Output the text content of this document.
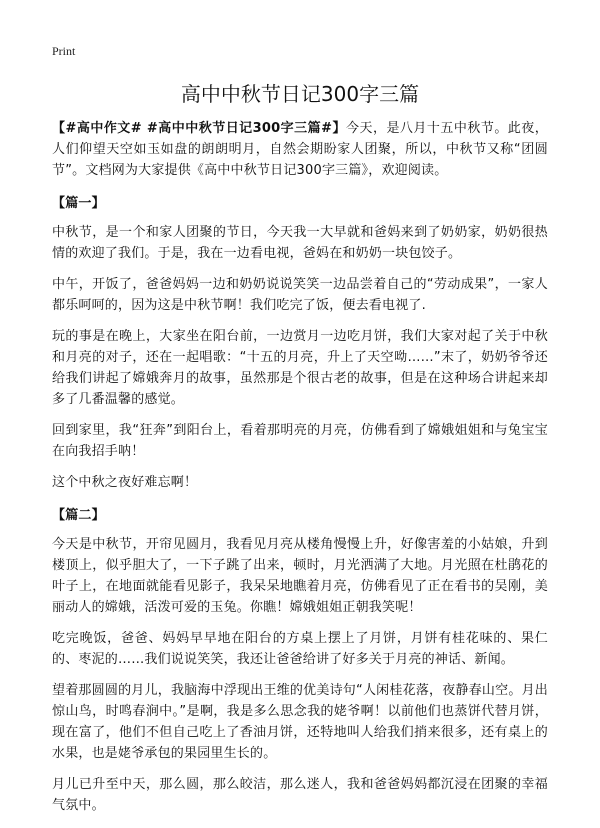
Print
高中中秋节日记300字三篇

【#高中作文# #高中中秋节日记300字三篇#】今天，是八月十五中秋节。此夜，人们仰望天空如玉如盘的朗朗明月，自然会期盼家人团聚，所以，中秋节又称“团圆节”。文档网为大家提供《高中中秋节日记300字三篇》，欢迎阅读。

【篇一】

中秋节，是一个和家人团聚的节日，今天我一大早就和爸妈来到了奶奶家，奶奶很热情的欢迎了我们。于是，我在一边看电视，爸妈在和奶奶一块包饺子。

中午，开饭了，爸爸妈妈一边和奶奶说说笑笑一边品尝着自己的“劳动成果”，一家人都乐呵呵的，因为这是中秋节啊！我们吃完了饭，便去看电视了.

玩的事是在晚上，大家坐在阳台前，一边赏月一边吃月饼，我们大家对起了关于中秋和月亮的对子，还在一起唱歌：“十五的月亮，升上了天空呦……”末了，奶奶爷爷还给我们讲起了嫦娥奔月的故事，虽然那是个很古老的故事，但是在这种场合讲起来却多了几番温馨的感觉。

回到家里，我“狂奔”到阳台上，看着那明亮的月亮，仿佛看到了嫦娥姐姐和与兔宝宝在向我招手呐！

这个中秋之夜好难忘啊！

【篇二】

今天是中秋节，开帘见圆月，我看见月亮从楼角慢慢上升，好像害羞的小姑娘，升到楼顶上，似乎胆大了，一下子跳了出来，顿时，月光洒满了大地。月光照在杜鹃花的叶子上，在地面就能看见影子，我呆呆地瞧着月亮，仿佛看见了正在看书的吴刚，美丽动人的嫦娥，活泼可爱的玉兔。你瞧！嫦娥姐姐正朝我笑呢！

吃完晚饭，爸爸、妈妈早早地在阳台的方桌上摆上了月饼，月饼有桂花味的、果仁的、枣泥的……我们说说笑笑，我还让爸爸给讲了好多关于月亮的神话、新闻。

望着那圆圆的月儿，我脑海中浮现出王维的优美诗句“人闲桂花落，夜静春山空。月出惊山鸟，时鸣春涧中。”是啊，我是多么思念我的姥爷啊！以前他们也蒸饼代替月饼，现在富了，他们不但自己吃上了香油月饼，还特地叫人给我们捎来很多，还有桌上的水果，也是姥爷承包的果园里生长的。

月儿已升至中天，那么圆，那么皎洁，那么迷人，我和爸爸妈妈都沉浸在团聚的幸福气氛中。
